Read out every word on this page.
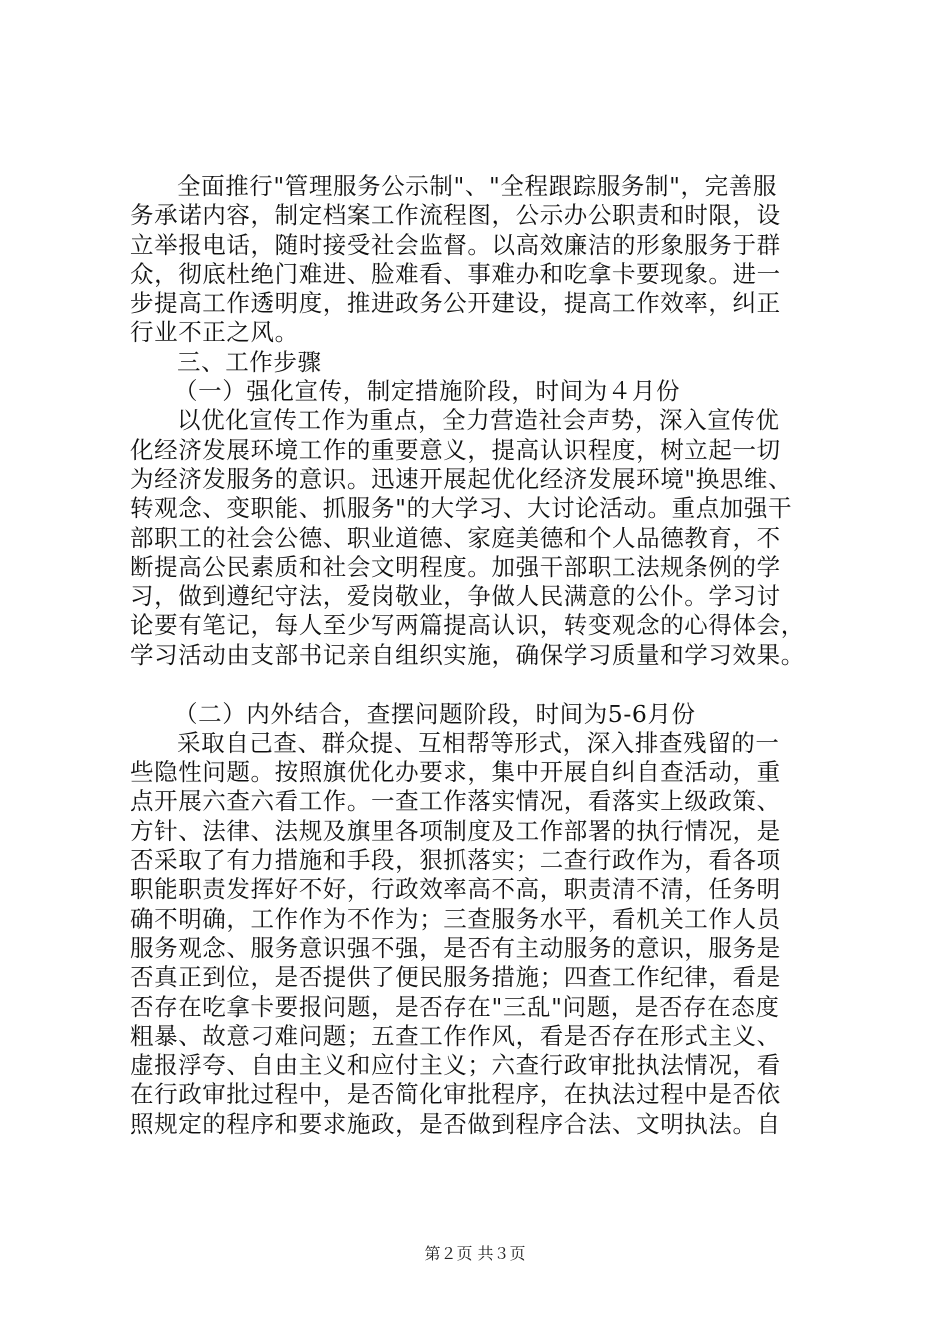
全面推行"管理服务公示制"、"全程跟踪服务制"，完善服
务承诺内容，制定档案工作流程图，公示办公职责和时限，设
立举报电话，随时接受社会监督。以高效廉洁的形象服务于群
众，彻底杜绝门难进、脸难看、事难办和吃拿卡要现象。进一
步提高工作透明度，推进政务公开建设，提高工作效率，纠正
行业不正之风。
三、工作步骤
（一）强化宣传，制定措施阶段，时间为４月份
以优化宣传工作为重点，全力营造社会声势，深入宣传优
化经济发展环境工作的重要意义，提高认识程度，树立起一切
为经济发服务的意识。迅速开展起优化经济发展环境"换思维、
转观念、变职能、抓服务"的大学习、大讨论活动。重点加强干
部职工的社会公德、职业道德、家庭美德和个人品德教育，不
断提高公民素质和社会文明程度。加强干部职工法规条例的学
习，做到遵纪守法，爱岗敬业，争做人民满意的公仆。学习讨
论要有笔记，每人至少写两篇提高认识，转变观念的心得体会，
学习活动由支部书记亲自组织实施，确保学习质量和学习效果。
（二）内外结合，查摆问题阶段，时间为5-6月份
采取自己查、群众提、互相帮等形式，深入排查残留的一
些隐性问题。按照旗优化办要求，集中开展自纠自查活动，重
点开展六查六看工作。一查工作落实情况，看落实上级政策、
方针、法律、法规及旗里各项制度及工作部署的执行情况，是
否采取了有力措施和手段，狠抓落实；二查行政作为，看各项
职能职责发挥好不好，行政效率高不高，职责清不清，任务明
确不明确，工作作为不作为；三查服务水平，看机关工作人员
服务观念、服务意识强不强，是否有主动服务的意识，服务是
否真正到位，是否提供了便民服务措施；四查工作纪律，看是
否存在吃拿卡要报问题，是否存在"三乱"问题，是否存在态度
粗暴、故意刁难问题；五查工作作风，看是否存在形式主义、
虚报浮夸、自由主义和应付主义；六查行政审批执法情况，看
在行政审批过程中，是否简化审批程序，在执法过程中是否依
照规定的程序和要求施政，是否做到程序合法、文明执法。自
第２页 共３页
